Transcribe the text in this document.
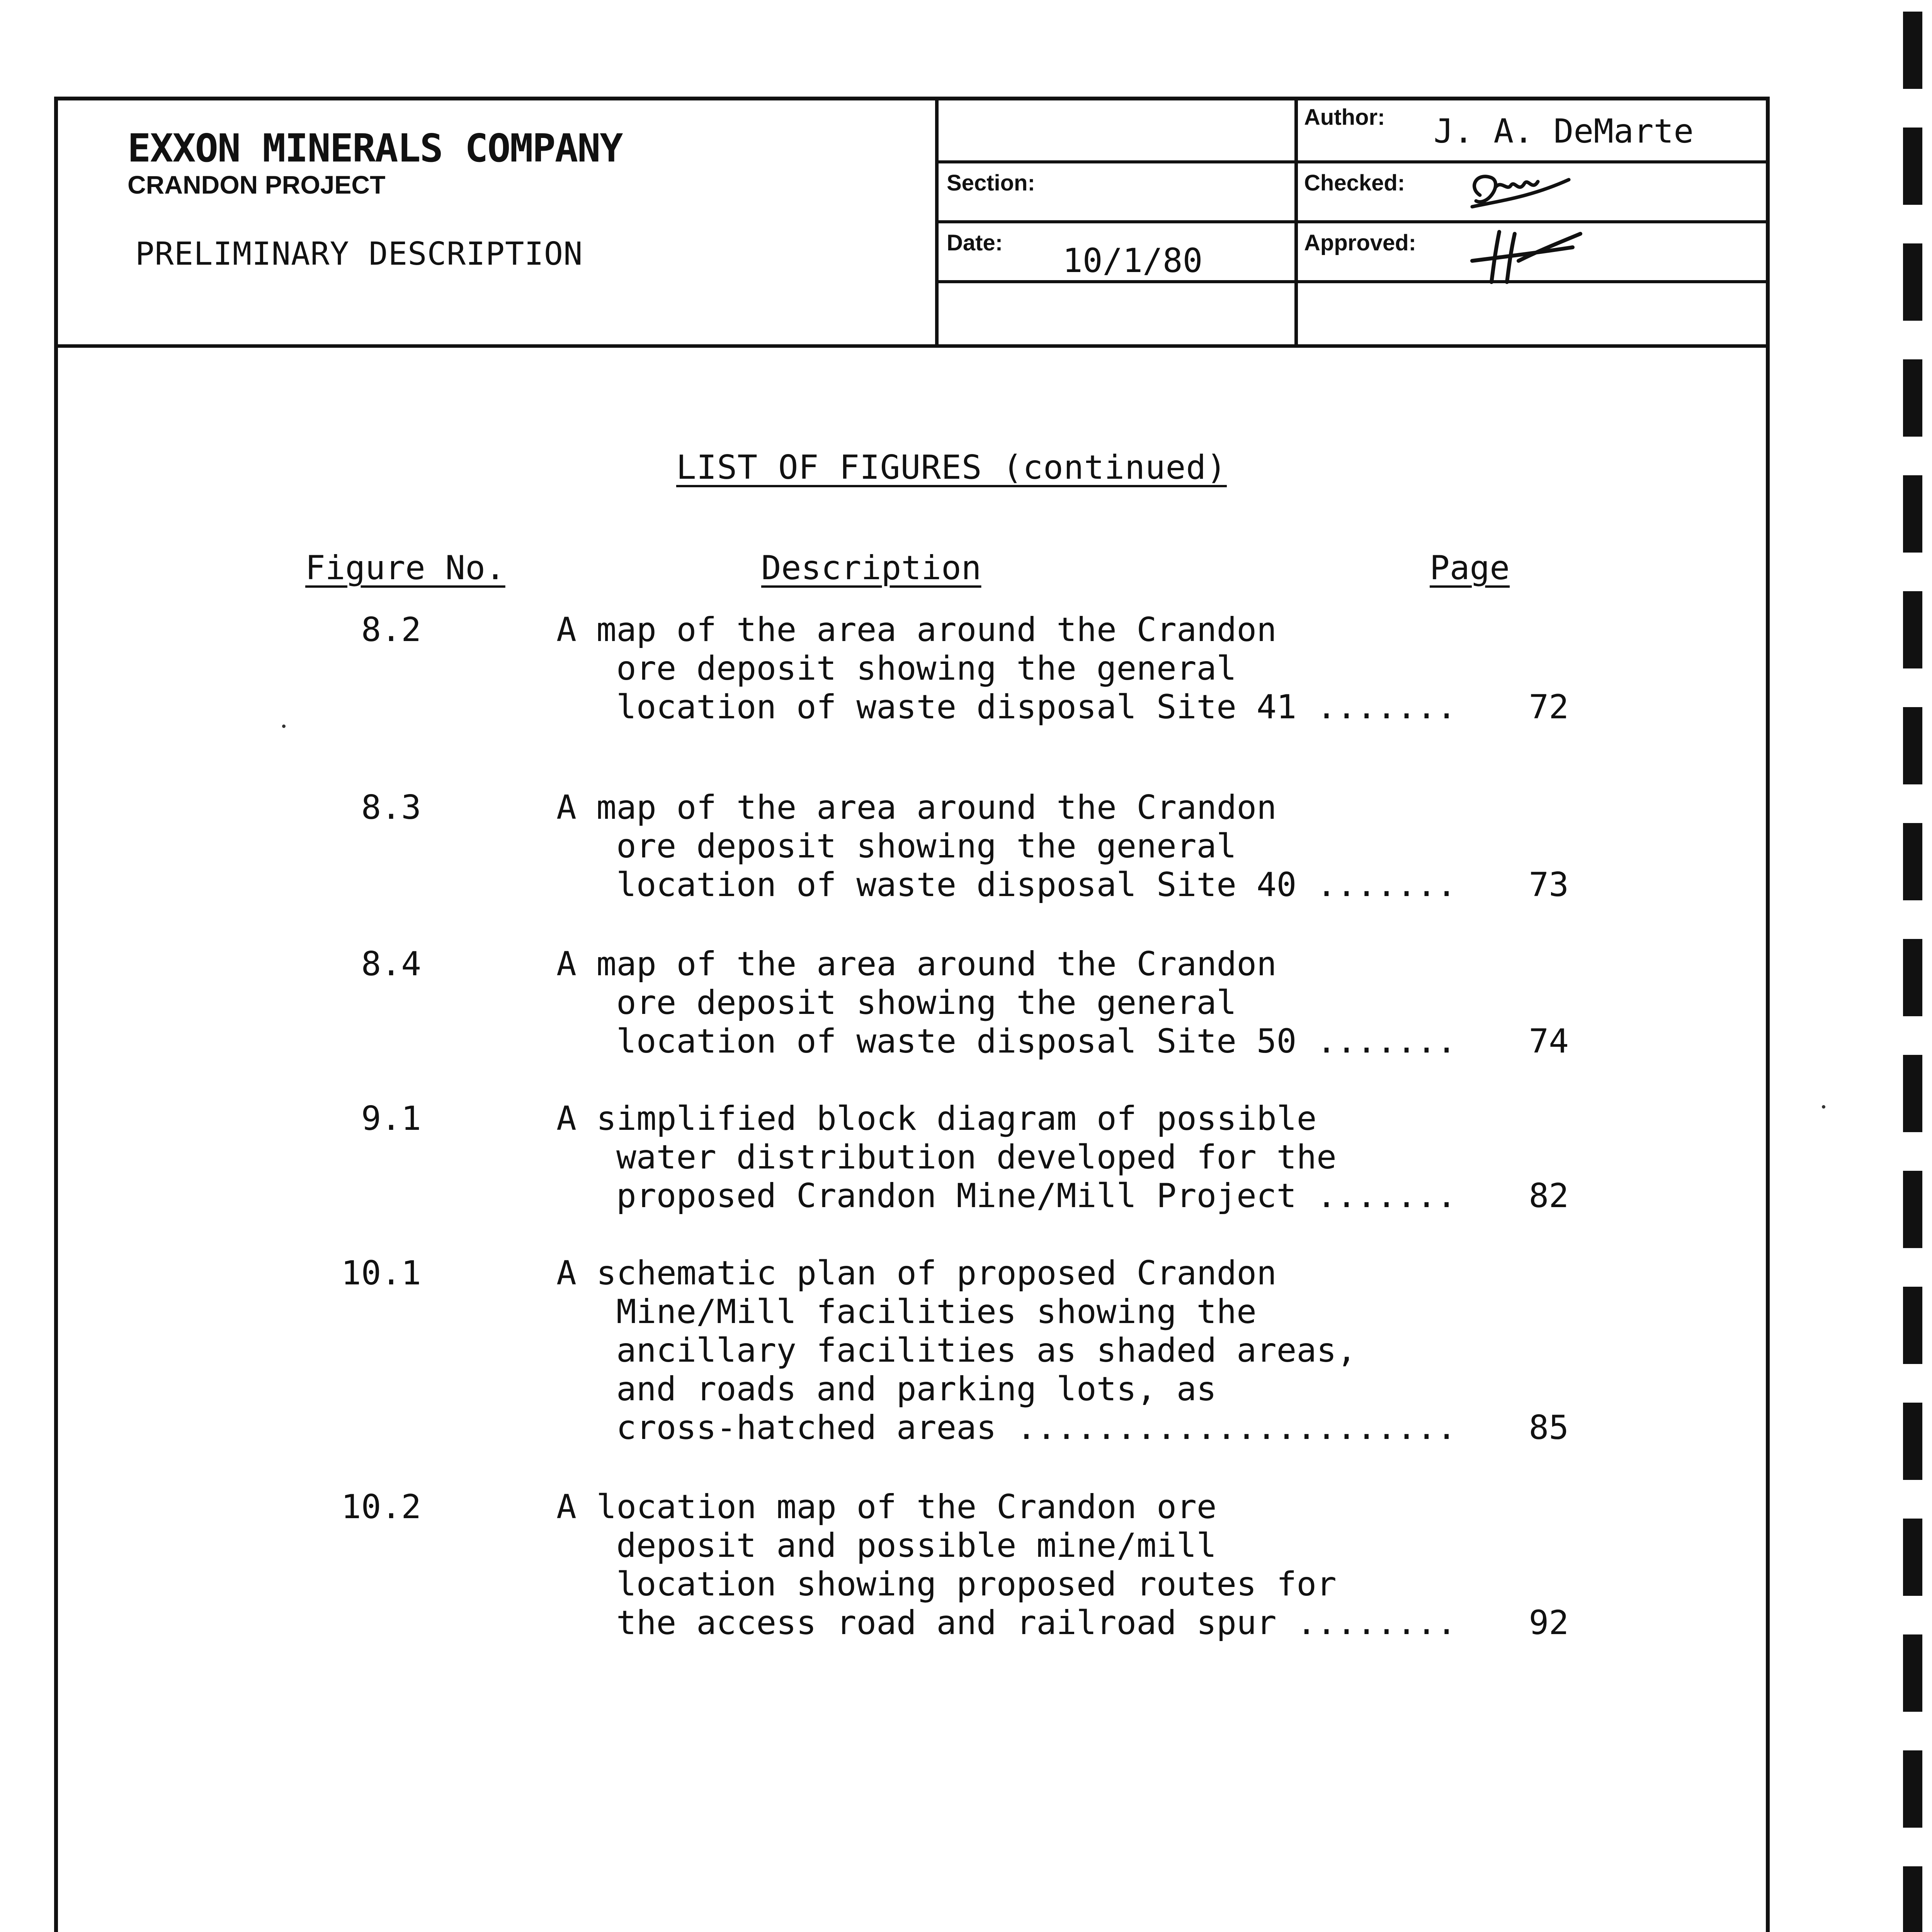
EXXON MINERALS COMPANY
CRANDON PROJECT
PRELIMINARY DESCRIPTION
Author: J. A. DeMarte
Section:	Checked:
Date: 10/1/80	Approved:
LIST OF FIGURES (continued)
Figure No.	Description	Page
8.2	A map of the area around the Crandon
ore deposit showing the general
location of waste disposal Site 41 .......	72
8.3	A map of the area around the Crandon
ore deposit showing the general
location of waste disposal Site 40 .......	73
8.4	A map of the area around the Crandon
ore deposit showing the general
location of waste disposal Site 50 .......	74
9.1	A simplified block diagram of possible
water distribution developed for the
proposed Crandon Mine/Mill Project .......	82
10.1	A schematic plan of proposed Crandon
Mine/Mill facilities showing the
ancillary facilities as shaded areas,
and roads and parking lots, as
cross-hatched areas ......................	85
10.2	A location map of the Crandon ore
deposit and possible mine/mill
location showing proposed routes for
the access road and railroad spur ........	92
